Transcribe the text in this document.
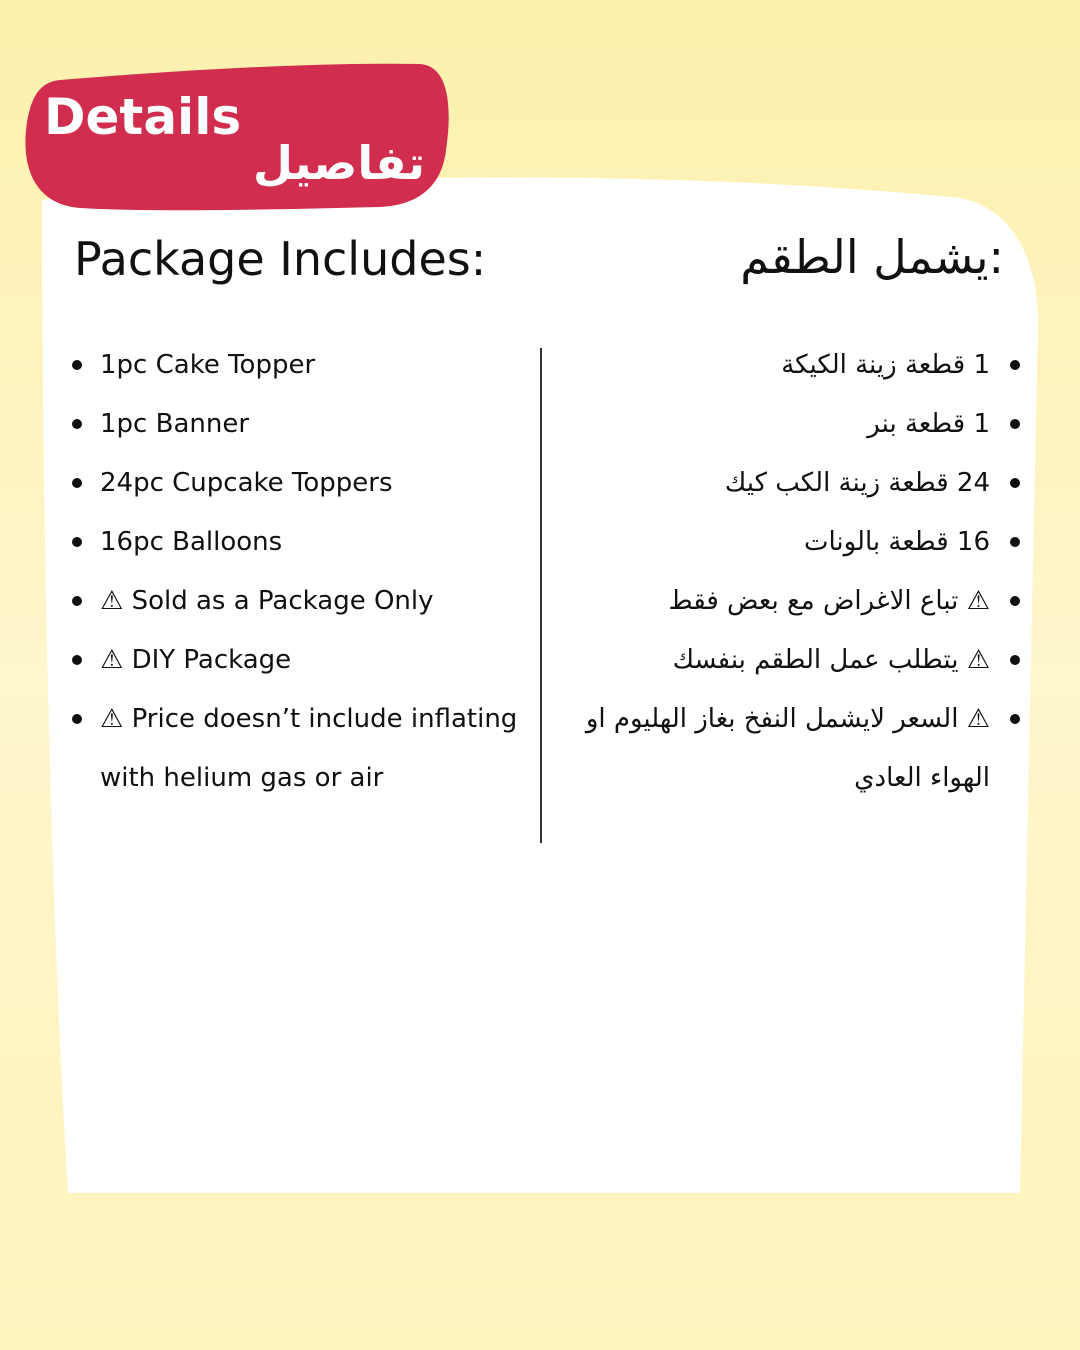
Details
تفاصيل
Package Includes:	:يشمل الطقم
1pc Cake Topper
1pc Banner
24pc Cupcake Toppers
16pc Balloons
⚠ Sold as a Package Only
⚠ DIY Package
⚠ Price doesn’t include inflating with helium gas or air
1 قطعة زينة الكيكة
1 قطعة بنر
24 قطعة زينة الكب كيك
16 قطعة بالونات
⚠ تباع الاغراض مع بعض فقط
⚠ يتطلب عمل الطقم بنفسك
⚠ السعر لايشمل النفخ بغاز الهليوم او الهواء العادي
